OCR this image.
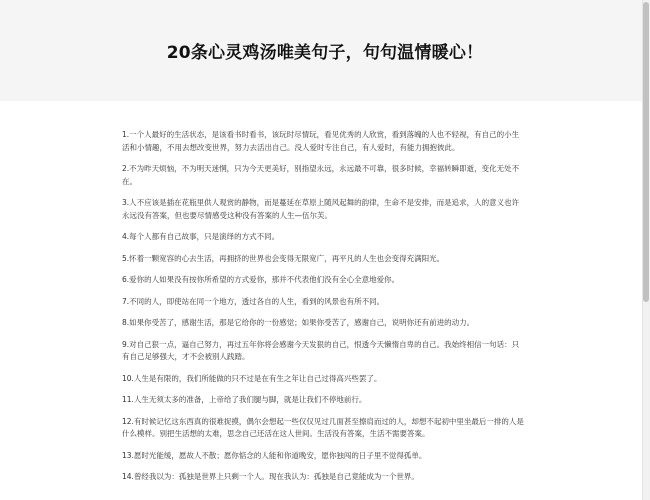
20条心灵鸡汤唯美句子，句句温情暖心！

1.一个人最好的生活状态，是该看书时看书，该玩时尽情玩，看见优秀的人欣赏，看到落魄的人也不轻视，有自己的小生活和小情趣，不用去想改变世界，努力去活出自己。没人爱时专注自己，有人爱时，有能力拥抱彼此。

2.不为昨天烦恼，不为明天迷惘，只为今天更美好，别指望永远，永远最不可靠，很多时候，幸福转瞬即逝，变化无处不在。

3.人不应该是插在花瓶里供人观赏的静物，而是蔓延在草原上随风起舞的韵律，生命不是安排，而是追求，人的意义也许永远没有答案，但也要尽情感受这种没有答案的人生—伍尔芙。

4.每个人都有自己故事，只是演绎的方式不同。

5.怀着一颗宽容的心去生活，再拥挤的世界也会变得无限宽广，再平凡的人生也会变得充满阳光。

6.爱你的人如果没有按你所希望的方式爱你，那并不代表他们没有全心全意地爱你。

7.不同的人，即使站在同一个地方，透过各自的人生，看到的风景也有所不同。

8.如果你受苦了，感谢生活，那是它给你的一份感觉；如果你受苦了，感谢自己，说明你还有前进的动力。

9.对自己狠一点，逼自己努力，再过五年你将会感谢今天发狠的自己，恨透今天懒惰自卑的自己。我始终相信一句话：只有自己足够强大，才不会被别人践踏。

10.人生是有限的，我们所能做的只不过是在有生之年让自己过得高兴些罢了。

11.人生无须太多的准备，上帝给了我们腿与脚，就是让我们不停地前行。

12.有时候记忆这东西真的很难捉摸，偶尔会想起一些仅仅见过几面甚至擦肩而过的人，却想不起初中里坐最后一排的人是什么模样。别把生活想的太难，思念自己还活在这人世间。生活没有答案，生活不需要答案。

13.愿时光能缓，愿故人不散；愿你惦念的人能和你道晚安，愿你独闯的日子里不觉得孤单。

14.曾经我以为：孤独是世界上只剩一个人。现在我认为：孤独是自己竟能成为一个世界。
